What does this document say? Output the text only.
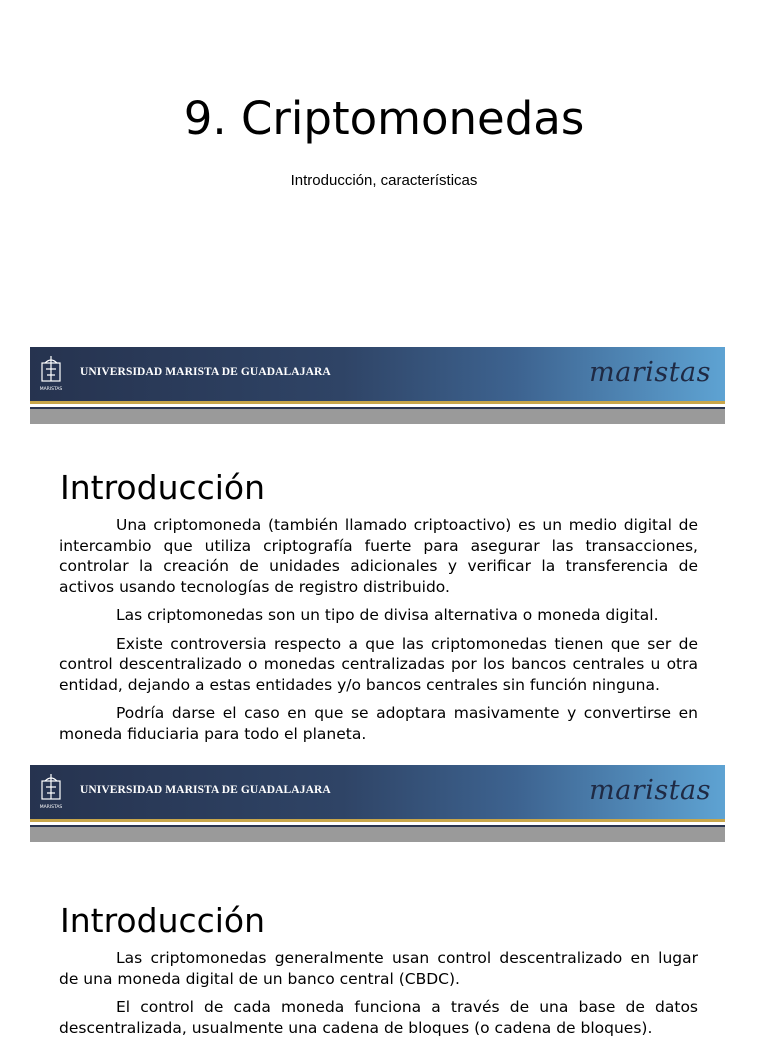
9. Criptomonedas
Introducción, características
MARISTAS
UNIVERSIDAD MARISTA DE GUADALAJARA	maristas
Introducción

Una criptomoneda (también llamado criptoactivo) es un medio digital de intercambio que utiliza criptografía fuerte para asegurar las transacciones, controlar la creación de unidades adicionales y verificar la transferencia de activos usando tecnologías de registro distribuido.

Las criptomonedas son un tipo de divisa alternativa o moneda digital.

Existe controversia respecto a que las criptomonedas tienen que ser de control descentralizado o monedas centralizadas por los bancos centrales u otra entidad, dejando a estas entidades y/o bancos centrales sin función ninguna.

Podría darse el caso en que se adoptara masivamente y convertirse en moneda fiduciaria para todo el planeta.

MARISTAS
UNIVERSIDAD MARISTA DE GUADALAJARA	maristas
Introducción

Las criptomonedas generalmente usan control descentralizado en lugar de una moneda digital de un banco central (CBDC).

El control de cada moneda funciona a través de una base de datos descentralizada, usualmente una cadena de bloques (o cadena de bloques).
